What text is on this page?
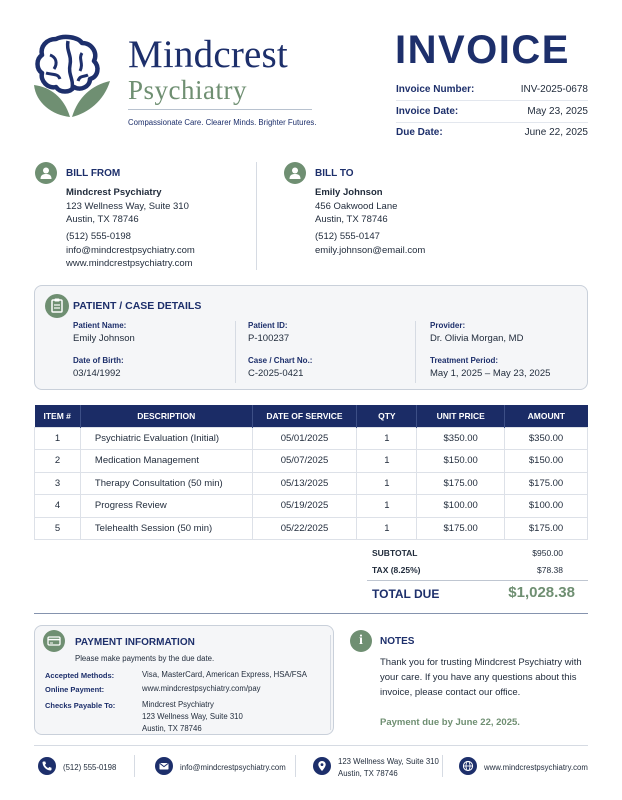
Mindcrest
Psychiatry
Compassionate Care. Clearer Minds. Brighter Futures.
INVOICE
Invoice Number:	INV-2025-0678
Invoice Date:	May 23, 2025
Due Date:	June 22, 2025
BILL FROM
Mindcrest Psychiatry
123 Wellness Way, Suite 310
Austin, TX 78746
(512) 555-0198
info@mindcrestpsychiatry.com
www.mindcrestpsychiatry.com
BILL TO
Emily Johnson
456 Oakwood Lane
Austin, TX 78746
(512) 555-0147
emily.johnson@email.com
PATIENT / CASE DETAILS
Patient Name:
Emily Johnson
Date of Birth:
03/14/1992
Patient ID:
P-100237
Case / Chart No.:
C-2025-0421
Provider:
Dr. Olivia Morgan, MD
Treatment Period:
May 1, 2025 – May 23, 2025
ITEM #	DESCRIPTION	DATE OF SERVICE	QTY	UNIT PRICE	AMOUNT
1	Psychiatric Evaluation (Initial)	05/01/2025	1	$350.00	$350.00
2	Medication Management	05/07/2025	1	$150.00	$150.00
3	Therapy Consultation (50 min)	05/13/2025	1	$175.00	$175.00
4	Progress Review	05/19/2025	1	$100.00	$100.00
5	Telehealth Session (50 min)	05/22/2025	1	$175.00	$175.00
SUBTOTAL	$950.00
TAX (8.25%)	$78.38
TOTAL DUE	$1,028.38
PAYMENT INFORMATION
Please make payments by the due date.
Accepted Methods:	Visa, MasterCard, American Express, HSA/FSA
Online Payment:	www.mindcrestpsychiatry.com/pay
Checks Payable To:	Mindcrest Psychiatry
123 Wellness Way, Suite 310
Austin, TX 78746
i	NOTES
Thank you for trusting Mindcrest Psychiatry with your care. If you have any questions about this invoice, please contact our office.
Payment due by June 22, 2025.
(512) 555-0198	info@mindcrestpsychiatry.com
123 Wellness Way, Suite 310
Austin, TX 78746
www.mindcrestpsychiatry.com
